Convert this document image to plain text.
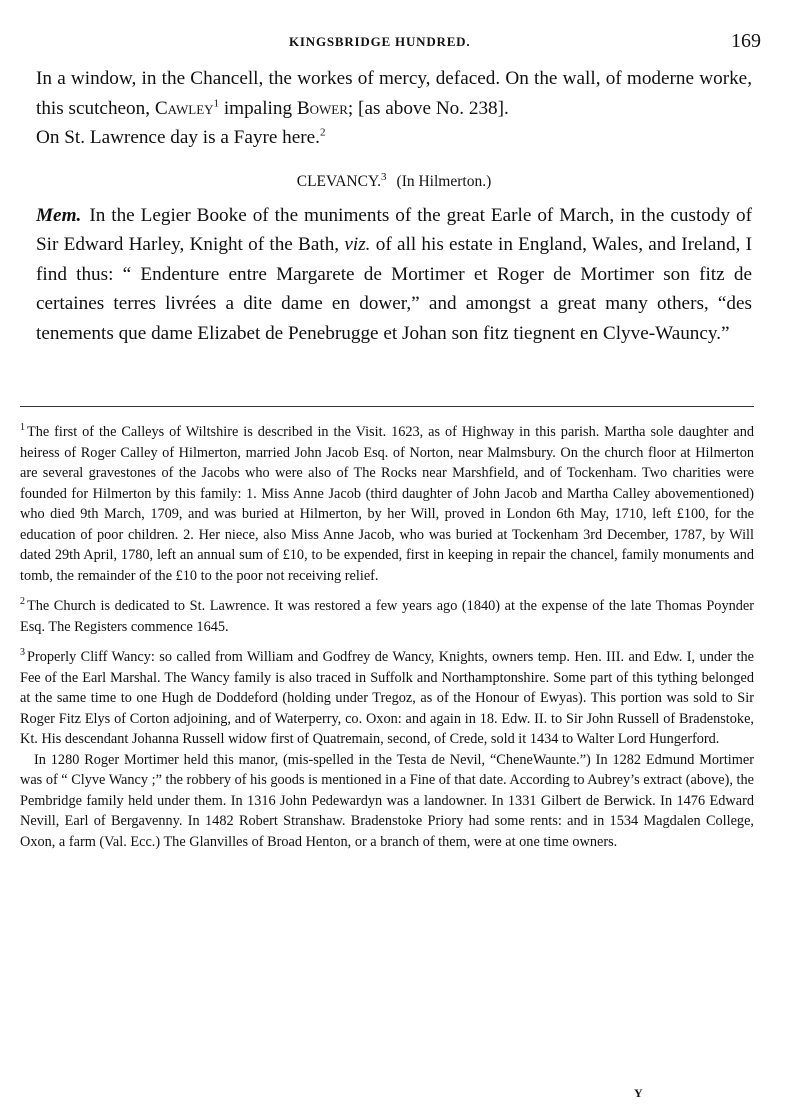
KINGSBRIDGE HUNDRED.	169

In a window, in the Chancell, the workes of mercy, defaced. On the wall, of moderne worke, this scutcheon, Cawley$^1$ impaling Bower; [as above No. 238].

On St. Lawrence day is a Fayre here.$^2$

CLEVANCY.$^3$ (In Hilmerton.)

Mem. In the Legier Booke of the muniments of the great Earle of March, in the custody of Sir Edward Harley, Knight of the Bath, viz. of all his estate in England, Wales, and Ireland, I find thus: “ Endenture entre Margarete de Mortimer et Roger de Mortimer son fitz de certaines terres livrées a dite dame en dower,” and amongst a great many others, “des tenements que dame Elizabet de Penebrugge et Johan son fitz tiegnent en Clyve-Wauncy.”

$^1$ The first of the Calleys of Wiltshire is described in the Visit. 1623, as of Highway in this parish. Martha sole daughter and heiress of Roger Calley of Hilmerton, married John Jacob Esq. of Norton, near Malmsbury. On the church floor at Hilmerton are several gravestones of the Jacobs who were also of The Rocks near Marshfield, and of Tockenham. Two charities were founded for Hilmerton by this family: 1. Miss Anne Jacob (third daughter of John Jacob and Martha Calley abovementioned) who died 9th March, 1709, and was buried at Hilmerton, by her Will, proved in London 6th May, 1710, left £100, for the education of poor children. 2. Her niece, also Miss Anne Jacob, who was buried at Tockenham 3rd December, 1787, by Will dated 29th April, 1780, left an annual sum of £10, to be expended, first in keeping in repair the chancel, family monuments and tomb, the remainder of the £10 to the poor not receiving relief.

$^2$ The Church is dedicated to St. Lawrence. It was restored a few years ago (1840) at the expense of the late Thomas Poynder Esq. The Registers commence 1645.

$^3$ Properly Cliff Wancy: so called from William and Godfrey de Wancy, Knights, owners temp. Hen. III. and Edw. I, under the Fee of the Earl Marshal. The Wancy family is also traced in Suffolk and Northamptonshire. Some part of this tything belonged at the same time to one Hugh de Doddeford (holding under Tregoz, as of the Honour of Ewyas). This portion was sold to Sir Roger Fitz Elys of Corton adjoining, and of Waterperry, co. Oxon: and again in 18. Edw. II. to Sir John Russell of Bradenstoke, Kt. His descendant Johanna Russell widow first of Quatremain, second, of Crede, sold it 1434 to Walter Lord Hungerford.

In 1280 Roger Mortimer held this manor, (mis-spelled in the Testa de Nevil, “CheneWaunte.”) In 1282 Edmund Mortimer was of “ Clyve Wancy ;” the robbery of his goods is mentioned in a Fine of that date. According to Aubrey’s extract (above), the Pembridge family held under them. In 1316 John Pedewardyn was a landowner. In 1331 Gilbert de Berwick. In 1476 Edward Nevill, Earl of Bergavenny. In 1482 Robert Stranshaw. Bradenstoke Priory had some rents: and in 1534 Magdalen College, Oxon, a farm (Val. Ecc.) The Glanvilles of Broad Henton, or a branch of them, were at one time owners.

Y
